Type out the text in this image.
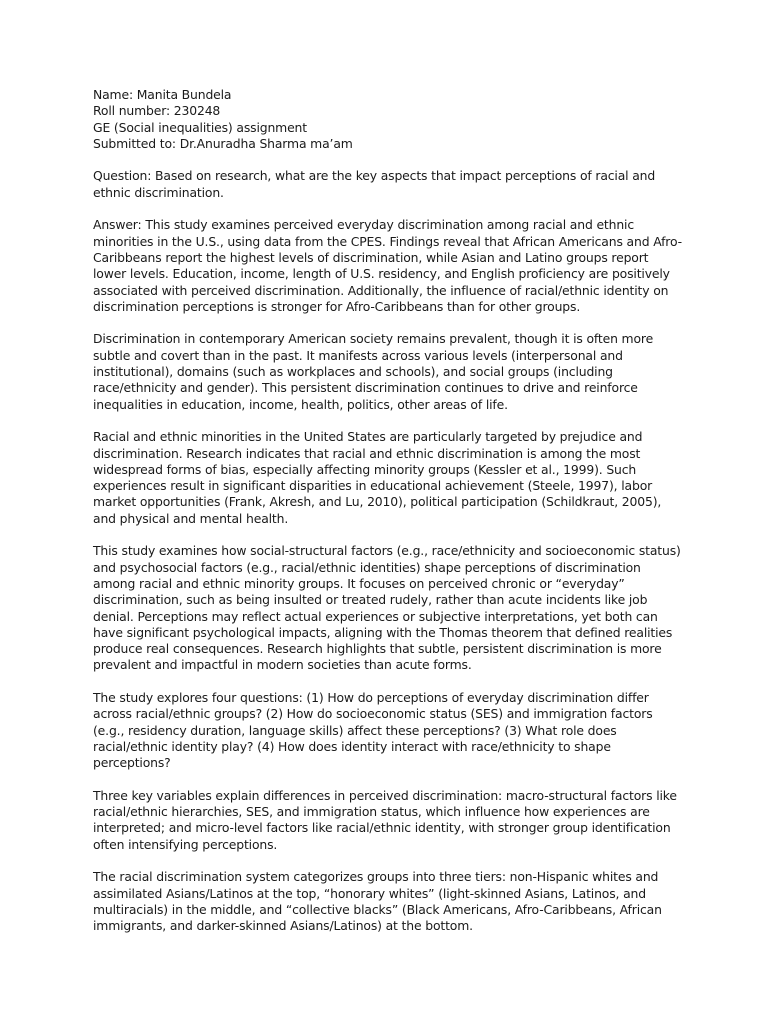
Name: Manita Bundela
Roll number: 230248
GE (Social inequalities) assignment
Submitted to: Dr.Anuradha Sharma ma’am

Question: Based on research, what are the key aspects that impact perceptions of racial and ethnic discrimination.

Answer: This study examines perceived everyday discrimination among racial and ethnic minorities in the U.S., using data from the CPES. Findings reveal that African Americans and Afro-Caribbeans report the highest levels of discrimination, while Asian and Latino groups report lower levels. Education, income, length of U.S. residency, and English proficiency are positively associated with perceived discrimination. Additionally, the influence of racial/ethnic identity on discrimination perceptions is stronger for Afro-Caribbeans than for other groups.

Discrimination in contemporary American society remains prevalent, though it is often more subtle and covert than in the past. It manifests across various levels (interpersonal and institutional), domains (such as workplaces and schools), and social groups (including race/ethnicity and gender). This persistent discrimination continues to drive and reinforce inequalities in education, income, health, politics, other areas of life.

Racial and ethnic minorities in the United States are particularly targeted by prejudice and discrimination. Research indicates that racial and ethnic discrimination is among the most widespread forms of bias, especially affecting minority groups (Kessler et al., 1999). Such experiences result in significant disparities in educational achievement (Steele, 1997), labor market opportunities (Frank, Akresh, and Lu, 2010), political participation (Schildkraut, 2005), and physical and mental health.

This study examines how social-structural factors (e.g., race/ethnicity and socioeconomic status) and psychosocial factors (e.g., racial/ethnic identities) shape perceptions of discrimination among racial and ethnic minority groups. It focuses on perceived chronic or “everyday” discrimination, such as being insulted or treated rudely, rather than acute incidents like job denial. Perceptions may reflect actual experiences or subjective interpretations, yet both can have significant psychological impacts, aligning with the Thomas theorem that defined realities produce real consequences. Research highlights that subtle, persistent discrimination is more prevalent and impactful in modern societies than acute forms.

The study explores four questions: (1) How do perceptions of everyday discrimination differ across racial/ethnic groups? (2) How do socioeconomic status (SES) and immigration factors (e.g., residency duration, language skills) affect these perceptions? (3) What role does racial/ethnic identity play? (4) How does identity interact with race/ethnicity to shape perceptions?

Three key variables explain differences in perceived discrimination: macro-structural factors like racial/ethnic hierarchies, SES, and immigration status, which influence how experiences are interpreted; and micro-level factors like racial/ethnic identity, with stronger group identification often intensifying perceptions.

The racial discrimination system categorizes groups into three tiers: non-Hispanic whites and assimilated Asians/Latinos at the top, “honorary whites” (light-skinned Asians, Latinos, and multiracials) in the middle, and “collective blacks” (Black Americans, Afro-Caribbeans, African immigrants, and darker-skinned Asians/Latinos) at the bottom.
